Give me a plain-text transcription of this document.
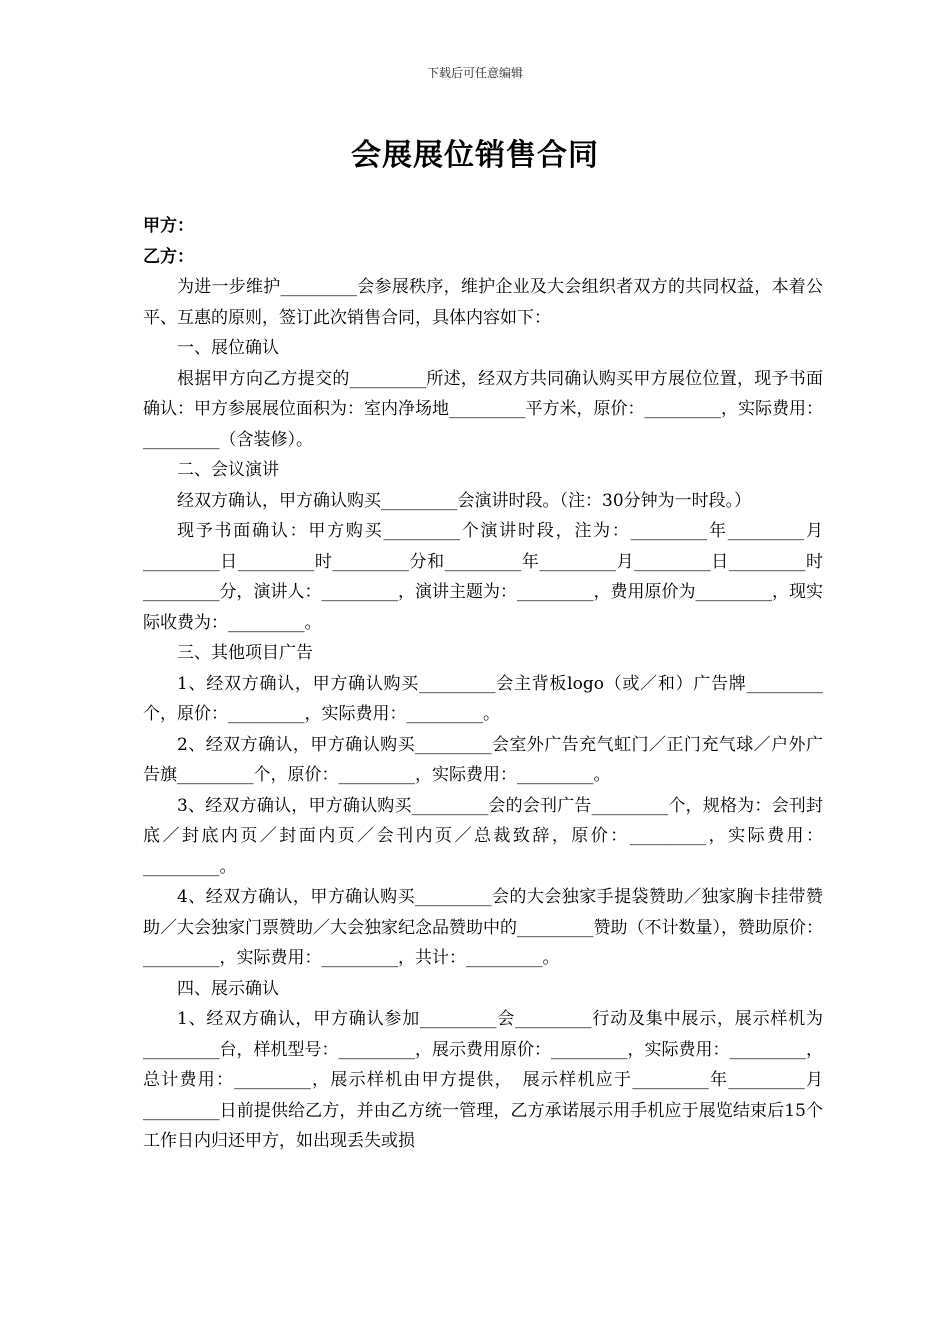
下载后可任意编辑
会展展位销售合同
甲方：
乙方：

为进一步维护_________会参展秩序，维护企业及大会组织者双方的共同权益，本着公平、互惠的原则，签订此次销售合同，具体内容如下：

一、展位确认

根据甲方向乙方提交的_________所述，经双方共同确认购买甲方展位位置，现予书面确认：甲方参展展位面积为：室内净场地_________平方米，原价：_________，实际费用：_________（含装修）。

二、会议演讲

经双方确认，甲方确认购买_________会演讲时段。（注：30分钟为一时段。）

现予书面确认：甲方购买_________个演讲时段，注为：_________年_________月_________日_________时_________分和_________年_________月_________日_________时_________分，演讲人：_________，演讲主题为：_________，费用原价为_________，现实际收费为：_________。

三、其他项目广告

1、经双方确认，甲方确认购买_________会主背板logo（或／和）广告牌_________个，原价：_________，实际费用：_________。

2、经双方确认，甲方确认购买_________会室外广告充气虹门／正门充气球／户外广告旗_________个，原价：_________，实际费用：_________。

3、经双方确认，甲方确认购买_________会的会刊广告_________个，规格为：会刊封底／封底内页／封面内页／会刊内页／总裁致辞，原价：_________，实际费用：_________。

4、经双方确认，甲方确认购买_________会的大会独家手提袋赞助／独家胸卡挂带赞助／大会独家门票赞助／大会独家纪念品赞助中的_________赞助（不计数量），赞助原价：_________，实际费用：_________，共计：_________。

四、展示确认

1、经双方确认，甲方确认参加_________会_________行动及集中展示，展示样机为_________台，样机型号：_________，展示费用原价：_________，实际费用：_________，总计费用：_________，展示样机由甲方提供，　展示样机应于_________年_________月_________日前提供给乙方，并由乙方统一管理，乙方承诺展示用手机应于展览结束后15个工作日内归还甲方，如出现丢失或损
